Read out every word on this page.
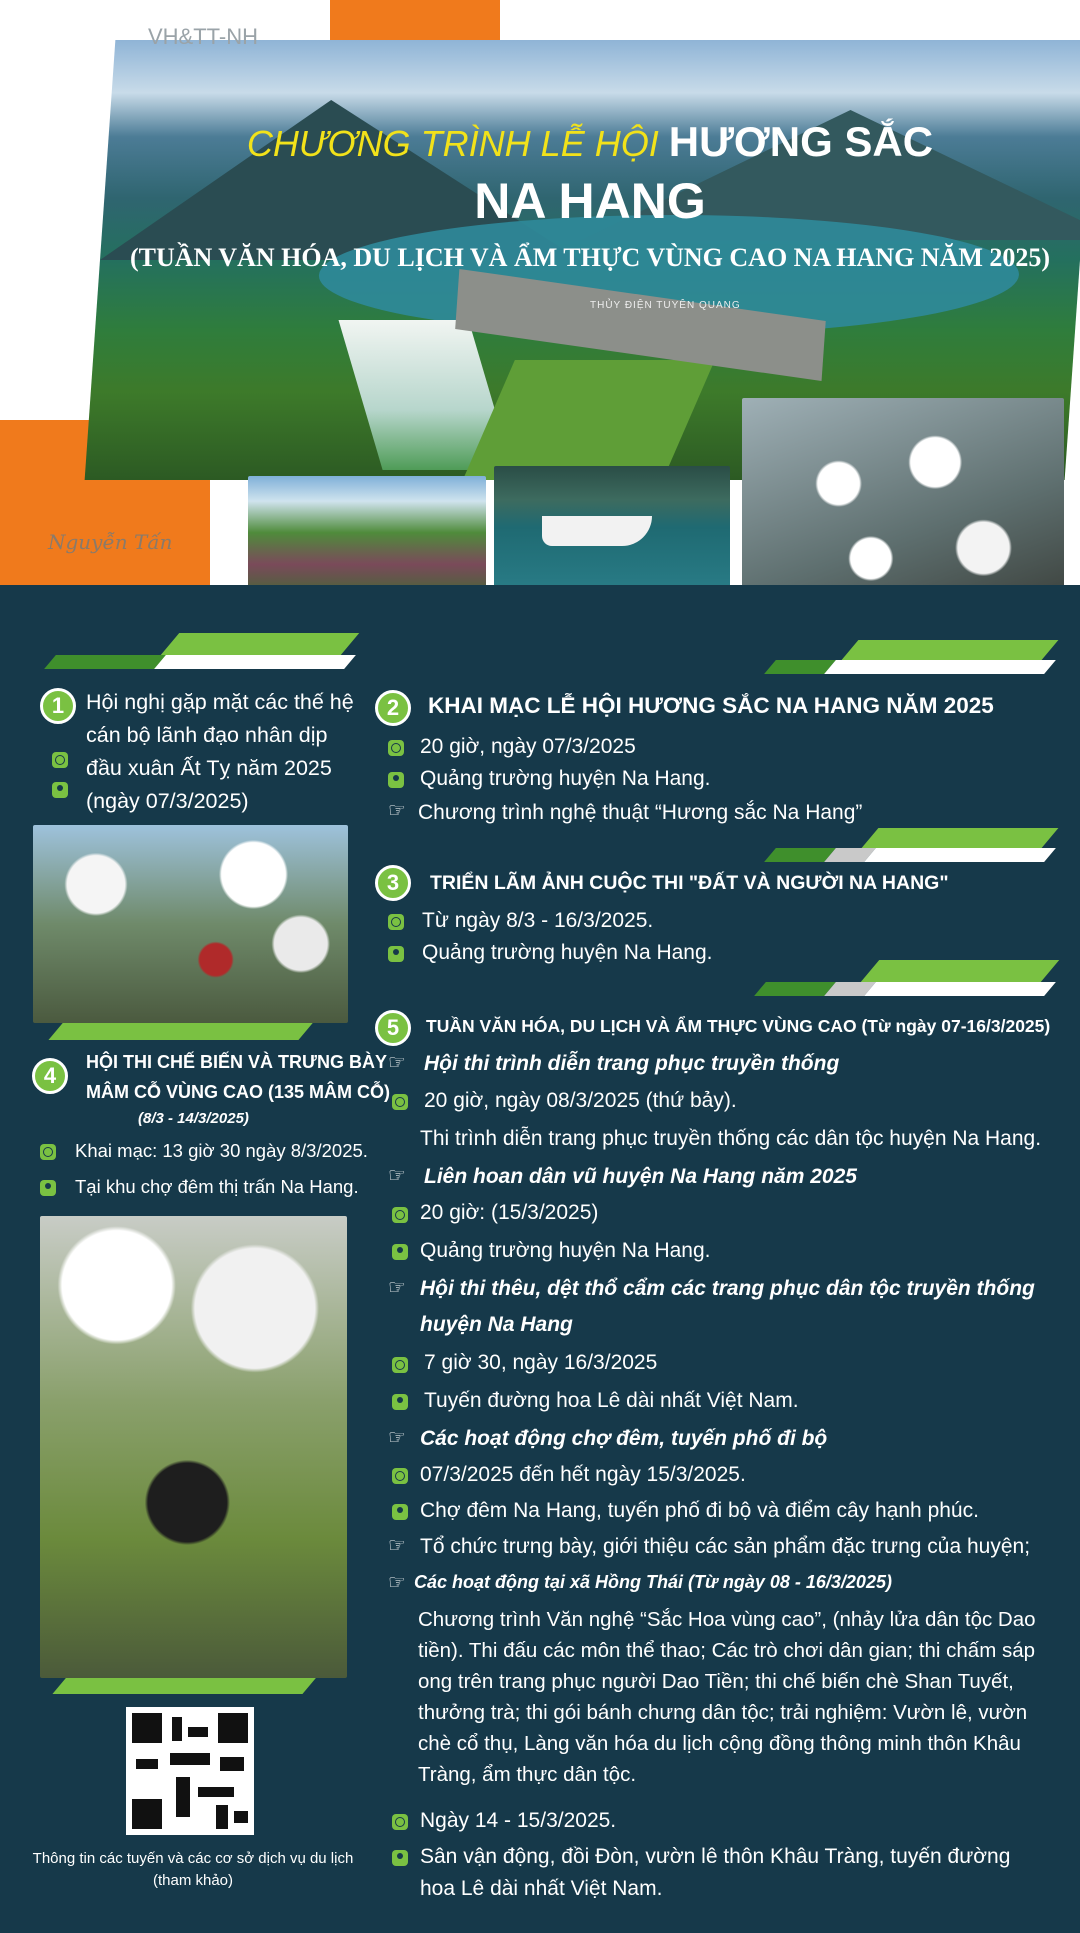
THỦY ĐIỆN TUYÊN QUANG
VH&TT-NH
CHƯƠNG TRÌNH LỄ HỘI HƯƠNG SẮC
NA HANG
(TUẦN VĂN HÓA, DU LỊCH VÀ ẨM THỰC VÙNG CAO NA HANG NĂM 2025)
Nguyễn Tấn
1	Hội nghị gặp mặt các thế hệ
cán bộ lãnh đạo nhân dịp
đầu xuân Ất Tỵ năm 2025
(ngày 07/3/2025)
2	KHAI MẠC LỄ HỘI HƯƠNG SẮC NA HANG NĂM 2025
20 giờ, ngày 07/3/2025
Quảng trường huyện Na Hang.
☞ Chương trình nghệ thuật “Hương sắc Na Hang”
3	TRIỂN LÃM ẢNH CUỘC THI "ĐẤT VÀ NGƯỜI NA HANG"
Từ ngày 8/3 - 16/3/2025.
Quảng trường huyện Na Hang.
4
HỘI THI CHẾ BIẾN VÀ TRƯNG BÀY
MÂM CỖ VÙNG CAO (135 MÂM CỖ)
(8/3 - 14/3/2025)
Khai mạc: 13 giờ 30 ngày 8/3/2025.
Tại khu chợ đêm thị trấn Na Hang.
5	TUẦN VĂN HÓA, DU LỊCH VÀ ẨM THỰC VÙNG CAO (Từ ngày 07-16/3/2025)
☞ Hội thi trình diễn trang phục truyền thống
20 giờ, ngày 08/3/2025 (thứ bảy).
Thi trình diễn trang phục truyền thống các dân tộc huyện Na Hang.
☞ Liên hoan dân vũ huyện Na Hang năm 2025
20 giờ: (15/3/2025)
Quảng trường huyện Na Hang.
☞ Hội thi thêu, dệt thổ cẩm các trang phục dân tộc truyền thống
huyện Na Hang
7 giờ 30, ngày 16/3/2025
Tuyến đường hoa Lê dài nhất Việt Nam.
☞ Các hoạt động chợ đêm, tuyến phố đi bộ
07/3/2025 đến hết ngày 15/3/2025.
Chợ đêm Na Hang, tuyến phố đi bộ và điểm cây hạnh phúc.
☞ Tổ chức trưng bày, giới thiệu các sản phẩm đặc trưng của huyện;
☞ Các hoạt động tại xã Hồng Thái (Từ ngày 08 - 16/3/2025)
Chương trình Văn nghệ “Sắc Hoa vùng cao”, (nhảy lửa dân tộc Dao tiền). Thi đấu các môn thể thao; Các trò chơi dân gian; thi chấm sáp ong trên trang phục người Dao Tiền; thi chế biến chè Shan Tuyết, thưởng trà; thi gói bánh chưng dân tộc; trải nghiệm: Vườn lê, vườn chè cổ thụ, Làng văn hóa du lịch cộng đồng thông minh thôn Khâu Tràng, ẩm thực dân tộc.
Ngày 14 - 15/3/2025.
Sân vận động, đồi Đòn, vườn lê thôn Khâu Tràng, tuyến đường
hoa Lê dài nhất Việt Nam.
Thông tin các tuyến và các cơ sở dịch vụ du lịch (tham khảo)
